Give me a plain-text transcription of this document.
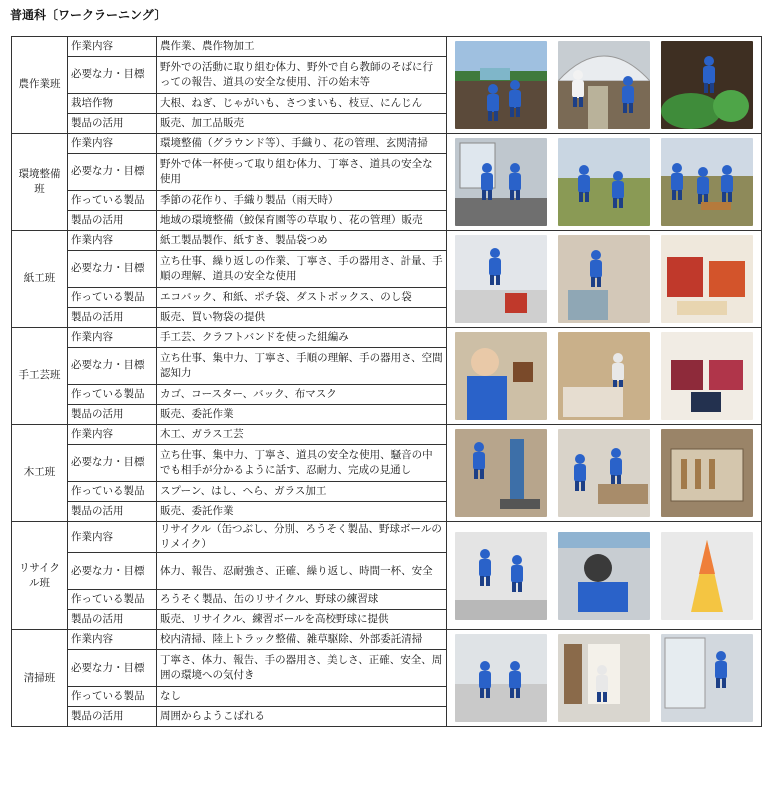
普通科〔ワークラーニング〕
農作業班	作業内容	農作業、農作物加工	

	必要な力・目標	野外での活動に取り組む体力、野外で自ら教師のそばに行っての報告、道具の安全な使用、汗の始末等	
	栽培作物	大根、ねぎ、じゃがいも、さつまいも、枝豆、にんじん	
	製品の活用	販売、加工品販売	
環境整備班	作業内容	環境整備（グラウンド等）、手織り、花の管理、玄関清掃	

	必要な力・目標	野外で体一杯使って取り組む体力、丁寧さ、道具の安全な使用	
	作っている製品	季節の花作り、手織り製品（雨天時）	
	製品の活用	地域の環境整備（鮫保育園等の草取り、花の管理）販売	
紙工班	作業内容	紙工製品製作、紙すき、製品袋つめ	

	必要な力・目標	立ち仕事、繰り返しの作業、丁寧さ、手の器用さ、計量、手順の理解、道具の安全な使用	
	作っている製品	エコバック、和紙、ポチ袋、ダストボックス、のし袋	
	製品の活用	販売、買い物袋の提供	
手工芸班	作業内容	手工芸、クラフトバンドを使った組編み	

	必要な力・目標	立ち仕事、集中力、丁寧さ、手順の理解、手の器用さ、空間認知力	
	作っている製品	カゴ、コースター、バック、布マスク	
	製品の活用	販売、委託作業	
木工班	作業内容	木工、ガラス工芸	

	必要な力・目標	立ち仕事、集中力、丁寧さ、道具の安全な使用、騒音の中でも相手が分かるように話す、忍耐力、完成の見通し	
	作っている製品	スプーン、はし、へら、ガラス加工	
	製品の活用	販売、委託作業	
リサイクル班	作業内容	リサイクル（缶つぶし、分別、ろうそく製品、野球ボールのリメイク）	

	必要な力・目標	体力、報告、忍耐強さ、正確、繰り返し、時間一杯、安全	
	作っている製品	ろうそく製品、缶のリサイクル、野球の練習球	
	製品の活用	販売、リサイクル、練習ボールを高校野球に提供	
清掃班	作業内容	校内清掃、陸上トラック整備、雑草駆除、外部委託清掃	

	必要な力・目標	丁寧さ、体力、報告、手の器用さ、美しさ、正確、安全、周囲の環境への気付き	
	作っている製品	なし	
	製品の活用	周囲からようこばれる	
